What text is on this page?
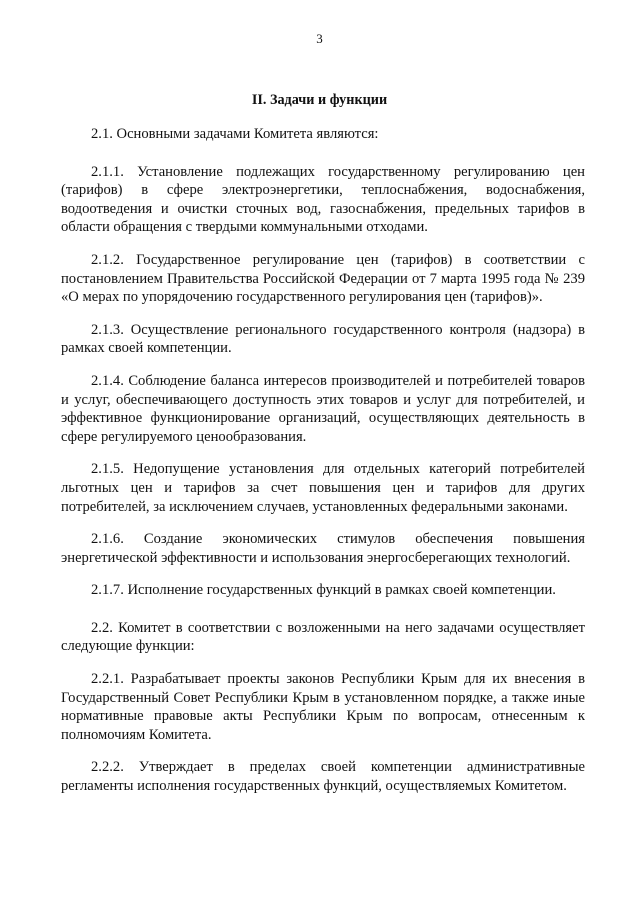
3
II. Задачи и функции

2.1. Основными задачами Комитета являются:

2.1.1. Установление подлежащих государственному регулированию цен (тарифов) в сфере электроэнергетики, теплоснабжения, водоснабжения, водоотведения и очистки сточных вод, газоснабжения, предельных тарифов в области обращения с твердыми коммунальными отходами.

2.1.2. Государственное регулирование цен (тарифов) в соответствии с постановлением Правительства Российской Федерации от 7 марта 1995 года № 239 «О мерах по упорядочению государственного регулирования цен (тарифов)».

2.1.3. Осуществление регионального государственного контроля (надзора) в рамках своей компетенции.

2.1.4. Соблюдение баланса интересов производителей и потребителей товаров и услуг, обеспечивающего доступность этих товаров и услуг для потребителей, и эффективное функционирование организаций, осуществляющих деятельность в сфере регулируемого ценообразования.

2.1.5. Недопущение установления для отдельных категорий потребителей льготных цен и тарифов за счет повышения цен и тарифов для других потребителей, за исключением случаев, установленных федеральными законами.

2.1.6. Создание экономических стимулов обеспечения повышения энергетической эффективности и использования энергосберегающих технологий.

2.1.7. Исполнение государственных функций в рамках своей компетенции.

2.2. Комитет в соответствии с возложенными на него задачами осуществляет следующие функции:

2.2.1. Разрабатывает проекты законов Республики Крым для их внесения в Государственный Совет Республики Крым в установленном порядке, а также иные нормативные правовые акты Республики Крым по вопросам, отнесенным к полномочиям Комитета.

2.2.2. Утверждает в пределах своей компетенции административные регламенты исполнения государственных функций, осуществляемых Комитетом.
